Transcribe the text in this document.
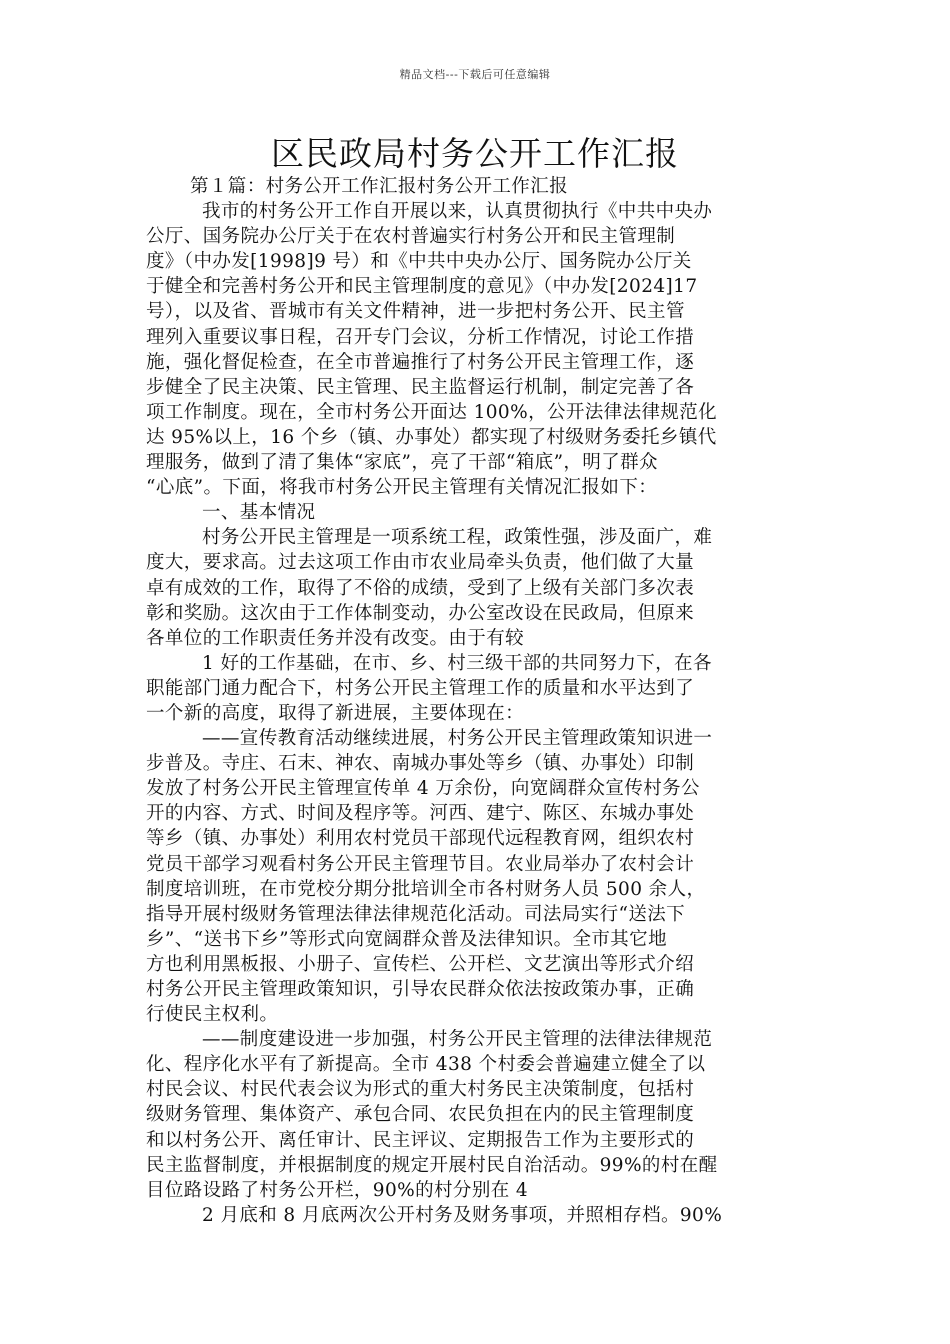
精品文档---下载后可任意编辑
区民政局村务公开工作汇报
第１篇：村务公开工作汇报村务公开工作汇报
我市的村务公开工作自开展以来，认真贯彻执行《中共中央办
公厅、国务院办公厅关于在农村普遍实行村务公开和民主管理制
度》（中办发[1998]9 号）和《中共中央办公厅、国务院办公厅关
于健全和完善村务公开和民主管理制度的意见》（中办发[2024]17
号），以及省、晋城市有关文件精神，进一步把村务公开、民主管
理列入重要议事日程，召开专门会议，分析工作情况，讨论工作措
施，强化督促检查，在全市普遍推行了村务公开民主管理工作，逐
步健全了民主决策、民主管理、民主监督运行机制，制定完善了各
项工作制度。现在，全市村务公开面达 100%，公开法律法律规范化
达 95%以上，16 个乡（镇、办事处）都实现了村级财务委托乡镇代
理服务，做到了清了集体“家底”，亮了干部“箱底”，明了群众
“心底”。下面，将我市村务公开民主管理有关情况汇报如下：
一、基本情况
村务公开民主管理是一项系统工程，政策性强，涉及面广，难
度大，要求高。过去这项工作由市农业局牵头负责，他们做了大量
卓有成效的工作，取得了不俗的成绩，受到了上级有关部门多次表
彰和奖励。这次由于工作体制变动，办公室改设在民政局，但原来
各单位的工作职责任务并没有改变。由于有较
1 好的工作基础，在市、乡、村三级干部的共同努力下，在各
职能部门通力配合下，村务公开民主管理工作的质量和水平达到了
一个新的高度，取得了新进展，主要体现在：
——宣传教育活动继续进展，村务公开民主管理政策知识进一
步普及。寺庄、石末、神农、南城办事处等乡（镇、办事处）印制
发放了村务公开民主管理宣传单 4 万余份，向宽阔群众宣传村务公
开的内容、方式、时间及程序等。河西、建宁、陈区、东城办事处
等乡（镇、办事处）利用农村党员干部现代远程教育网，组织农村
党员干部学习观看村务公开民主管理节目。农业局举办了农村会计
制度培训班，在市党校分期分批培训全市各村财务人员 500 余人，
指导开展村级财务管理法律法律规范化活动。司法局实行“送法下
乡”、“送书下乡”等形式向宽阔群众普及法律知识。全市其它地
方也利用黑板报、小册子、宣传栏、公开栏、文艺演出等形式介绍
村务公开民主管理政策知识，引导农民群众依法按政策办事，正确
行使民主权利。
——制度建设进一步加强，村务公开民主管理的法律法律规范
化、程序化水平有了新提高。全市 438 个村委会普遍建立健全了以
村民会议、村民代表会议为形式的重大村务民主决策制度，包括村
级财务管理、集体资产、承包合同、农民负担在内的民主管理制度
和以村务公开、离任审计、民主评议、定期报告工作为主要形式的
民主监督制度，并根据制度的规定开展村民自治活动。99%的村在醒
目位路设路了村务公开栏，90%的村分别在 4
2 月底和 8 月底两次公开村务及财务事项，并照相存档。90%
